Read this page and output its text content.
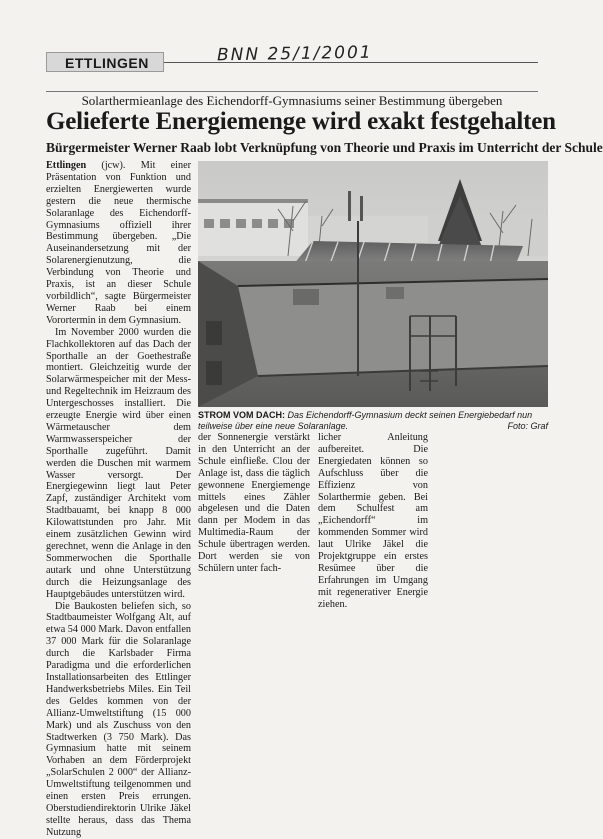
ETTLINGEN	BNN 25/1/2001
Solarthermieanlage des Eichendorff-Gymnasiums seiner Bestimmung übergeben
Gelieferte Energiemenge wird exakt festgehalten
Bürgermeister Werner Raab lobt Verknüpfung von Theorie und Praxis im Unterricht der Schule

Ettlingen (jcw). Mit einer Präsentation von Funktion und erzielten Energiewerten wurde gestern die neue thermische Solaranlage des Eichendorff-Gymnasiums offiziell ihrer Bestimmung übergeben. „Die Auseinandersetzung mit der Solarenergienutzung, die Verbindung von Theorie und Praxis, ist an dieser Schule vorbildlich“, sagte Bürgermeister Werner Raab bei einem Vorortermin in dem Gymnasium.

Im November 2000 wurden die Flachkollektoren auf das Dach der Sporthalle an der Goethestraße montiert. Gleichzeitig wurde der Solarwärmespeicher mit der Mess- und Regeltechnik im Heizraum des Untergeschosses installiert. Die erzeugte Energie wird über einen Wärmetauscher dem Warmwasserspeicher der Sporthalle zugeführt. Damit werden die Duschen mit warmem Wasser versorgt. Der Energiegewinn liegt laut Peter Zapf, zuständiger Architekt vom Stadtbauamt, bei knapp 8 000 Kilowattstunden pro Jahr. Mit einem zusätzlichen Gewinn wird gerechnet, wenn die Anlage in den Sommerwochen die Sporthalle autark und ohne Unterstützung durch die Heizungsanlage des Hauptgebäudes unterstützen wird.

Die Baukosten beliefen sich, so Stadtbaumeister Wolfgang Alt, auf etwa 54 000 Mark. Davon entfallen 37 000 Mark für die Solaranlage durch die Karlsbader Firma Paradigma und die erforderlichen Installationsarbeiten des Ettlinger Handwerksbetriebs Miles. Ein Teil des Geldes kommen von der Allianz-Umweltstiftung (15 000 Mark) und als Zuschuss von den Stadtwerken (3 750 Mark). Das Gymnasium hatte mit seinem Vorhaben an dem Förderprojekt „SolarSchulen 2 000“ der Allianz-Umweltstiftung teilgenommen und einen ersten Preis errungen. Oberstudiendirektorin Ulrike Jäkel stellte heraus, dass das Thema Nutzung

STROM VOM DACH: Das Eichendorff-Gymnasium deckt seinen Energiebedarf nun teilweise über eine neue Solaranlage.	Foto: Graf

der Sonnenergie verstärkt in den Unterricht an der Schule einfließe. Clou der Anlage ist, dass die täglich gewonnene Energiemenge mittels eines Zähler abgelesen und die Daten dann per Modem in das Multimedia-Raum der Schule übertragen werden. Dort werden sie von Schülern unter fach-

licher Anleitung aufbereitet. Die Energiedaten können so Aufschluss über die Effizienz von Solarthermie geben. Bei dem Schulfest am „Eichendorff“ im kommenden Sommer wird laut Ulrike Jäkel die Projektgruppe ein erstes Resümee über die Erfahrungen im Umgang mit regenerativer Energie ziehen.
